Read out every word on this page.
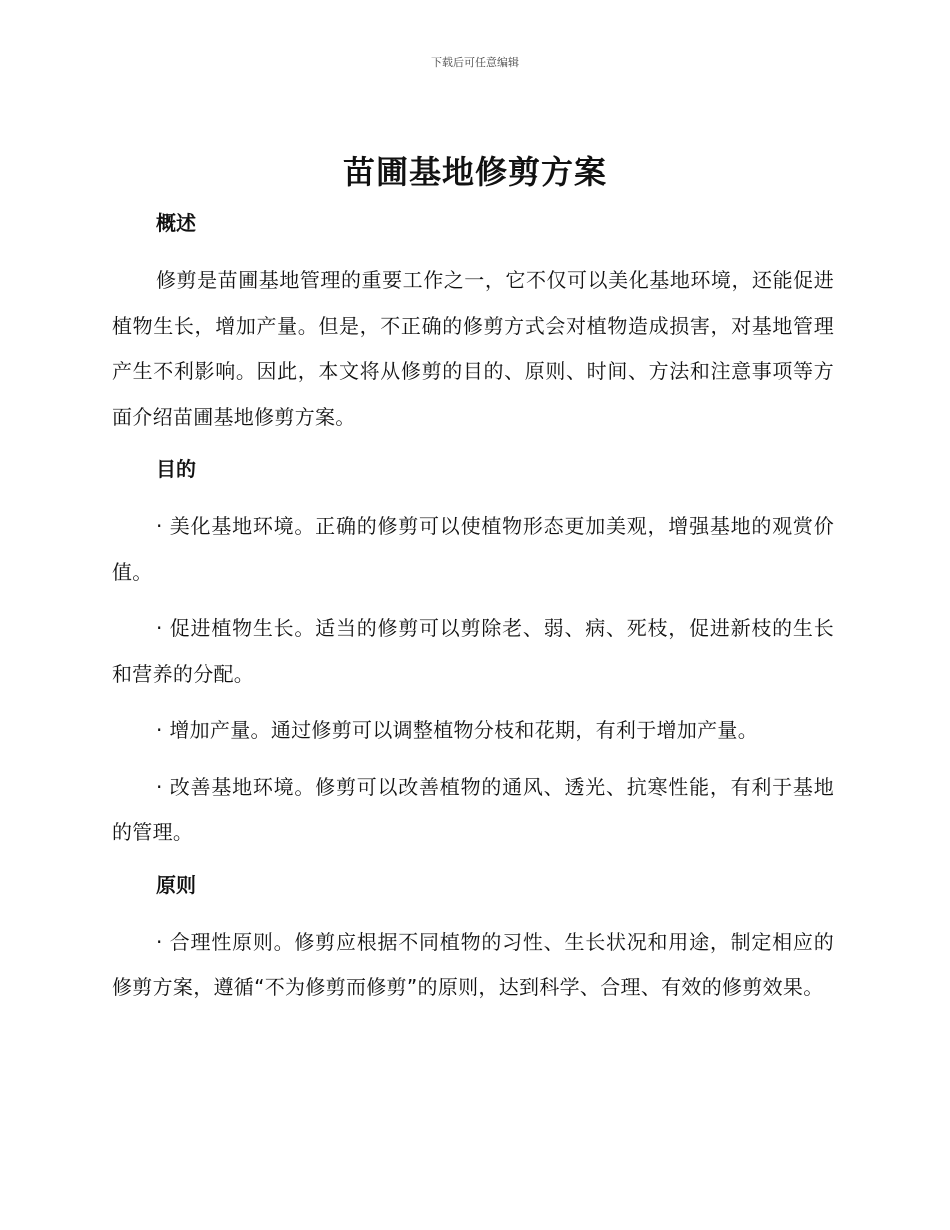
下载后可任意编辑
苗圃基地修剪方案
概述

修剪是苗圃基地管理的重要工作之一，它不仅可以美化基地环境，还能促进植物生长，增加产量。但是，不正确的修剪方式会对植物造成损害，对基地管理产生不利影响。因此，本文将从修剪的目的、原则、时间、方法和注意事项等方面介绍苗圃基地修剪方案。

目的

· 美化基地环境。正确的修剪可以使植物形态更加美观，增强基地的观赏价值。

· 促进植物生长。适当的修剪可以剪除老、弱、病、死枝，促进新枝的生长和营养的分配。

· 增加产量。通过修剪可以调整植物分枝和花期，有利于增加产量。

· 改善基地环境。修剪可以改善植物的通风、透光、抗寒性能，有利于基地的管理。

原则

· 合理性原则。修剪应根据不同植物的习性、生长状况和用途，制定相应的修剪方案，遵循“不为修剪而修剪”的原则，达到科学、合理、有效的修剪效果。
